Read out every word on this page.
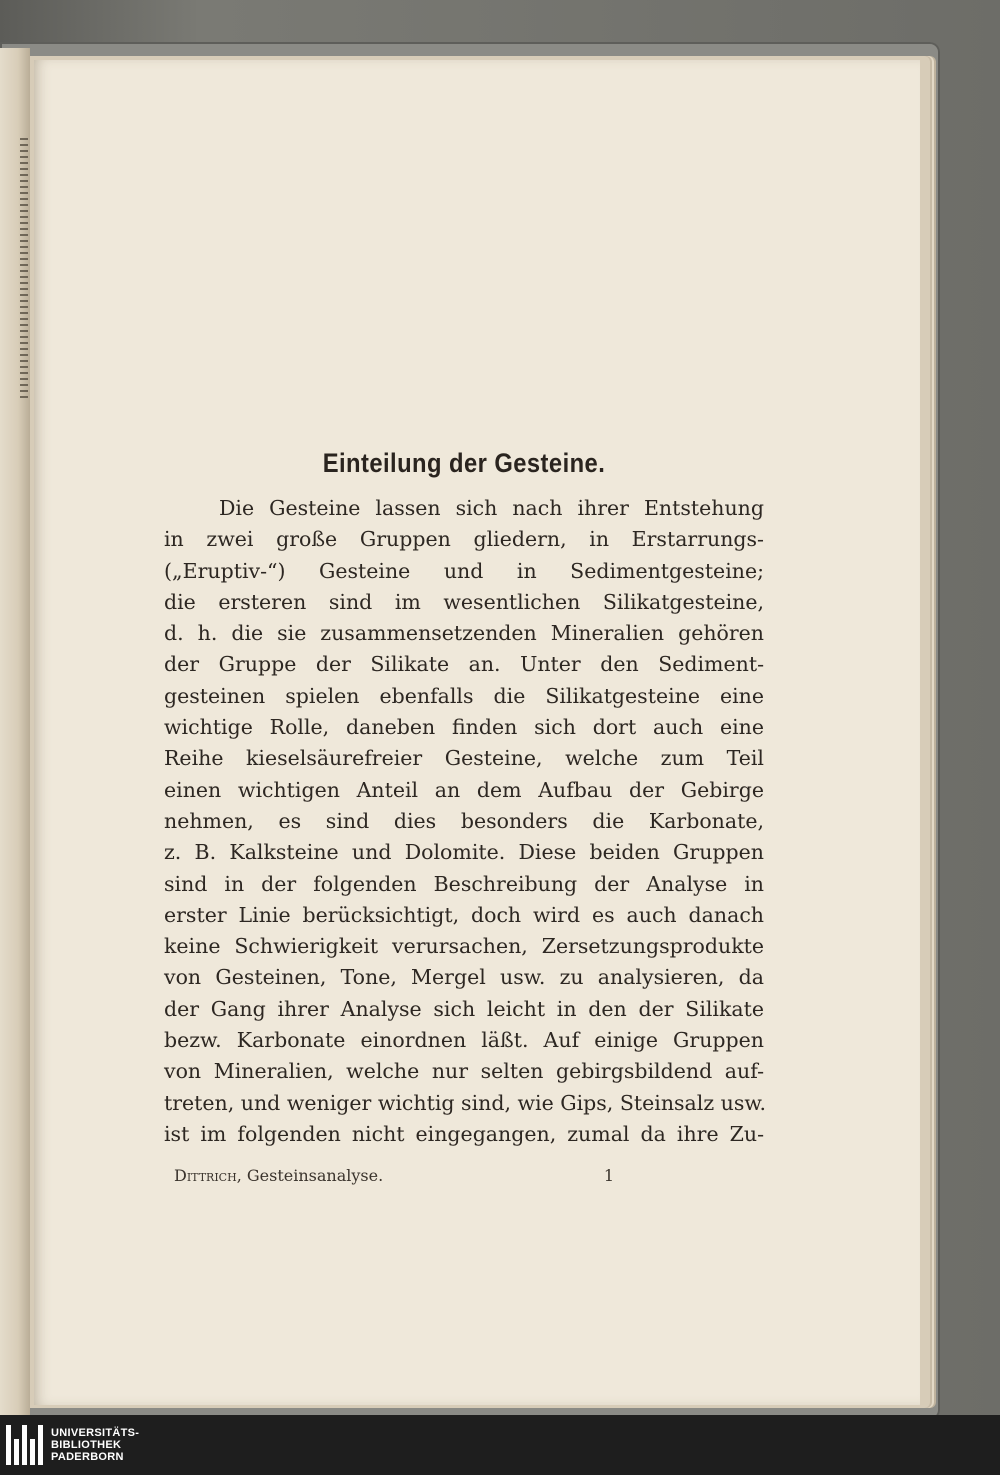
Einteilung der Gesteine.
Die Gesteine lassen sich nach ihrer Entstehung
in zwei große Gruppen gliedern, in Erstarrungs-
(„Eruptiv-“) Gesteine und in Sedimentgesteine;
die ersteren sind im wesentlichen Silikatgesteine,
d. h. die sie zusammensetzenden Mineralien gehören
der Gruppe der Silikate an. Unter den Sediment-
gesteinen spielen ebenfalls die Silikatgesteine eine
wichtige Rolle, daneben finden sich dort auch eine
Reihe kieselsäurefreier Gesteine, welche zum Teil
einen wichtigen Anteil an dem Aufbau der Gebirge
nehmen, es sind dies besonders die Karbonate,
z. B. Kalksteine und Dolomite. Diese beiden Gruppen
sind in der folgenden Beschreibung der Analyse in
erster Linie berücksichtigt, doch wird es auch danach
keine Schwierigkeit verursachen, Zersetzungsprodukte
von Gesteinen, Tone, Mergel usw. zu analysieren, da
der Gang ihrer Analyse sich leicht in den der Silikate
bezw. Karbonate einordnen läßt. Auf einige Gruppen
von Mineralien, welche nur selten gebirgsbildend auf-
treten, und weniger wichtig sind, wie Gips, Steinsalz usw.
ist im folgenden nicht eingegangen, zumal da ihre Zu-
Dittrich, Gesteinsanalyse.	1
UNIVERSITÄTS-
BIBLIOTHEK
PADERBORN
